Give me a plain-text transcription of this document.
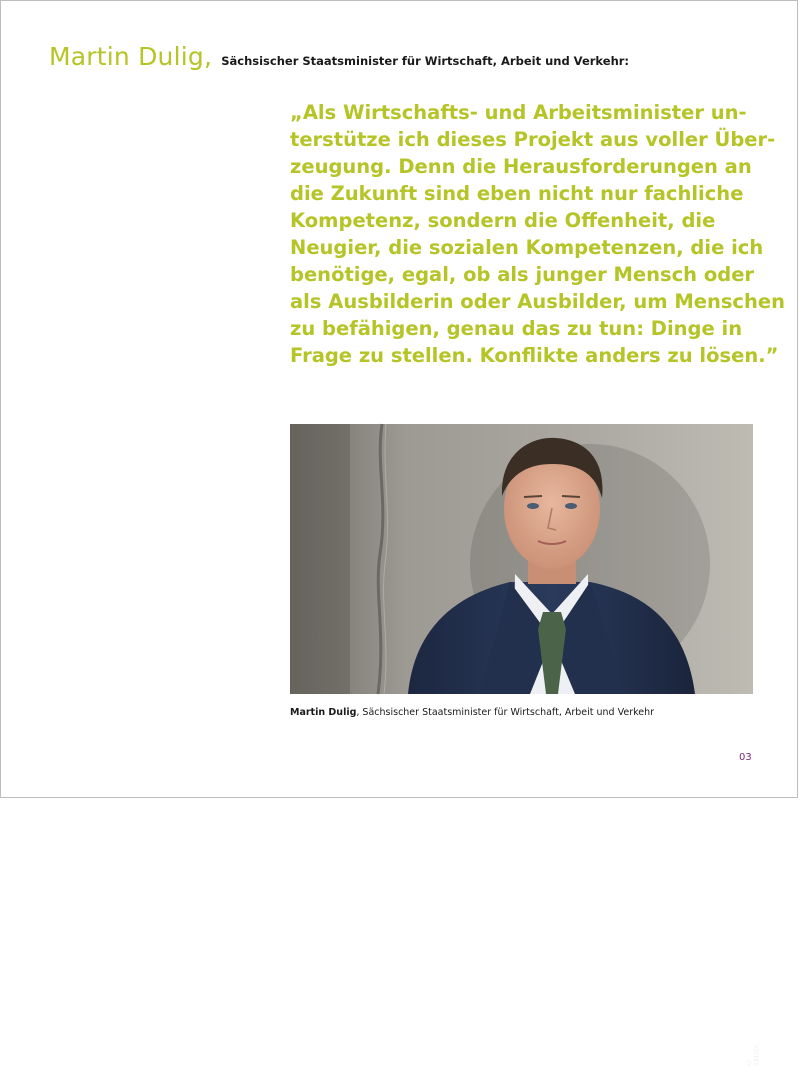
Martin Dulig, Sächsischer Staatsminister für Wirtschaft, Arbeit und Verkehr:

„Als Wirtschafts- und Arbeitsminister un-
terstütze ich dieses Projekt aus voller Über-
zeugung. Denn die Herausforderungen an
die Zukunft sind eben nicht nur fachliche
Kompetenz, sondern die Offenheit, die
Neugier, die sozialen Kompetenzen, die ich
benötige, egal, ob als junger Mensch oder
als Ausbilderin oder Ausbilder, um Menschen
zu befähigen, genau das zu tun: Dinge in
Frage zu stellen. Konflikte anders zu lösen.”

© SMWA
Martin Dulig, Sächsischer Staatsminister für Wirtschaft, Arbeit und Verkehr
03
